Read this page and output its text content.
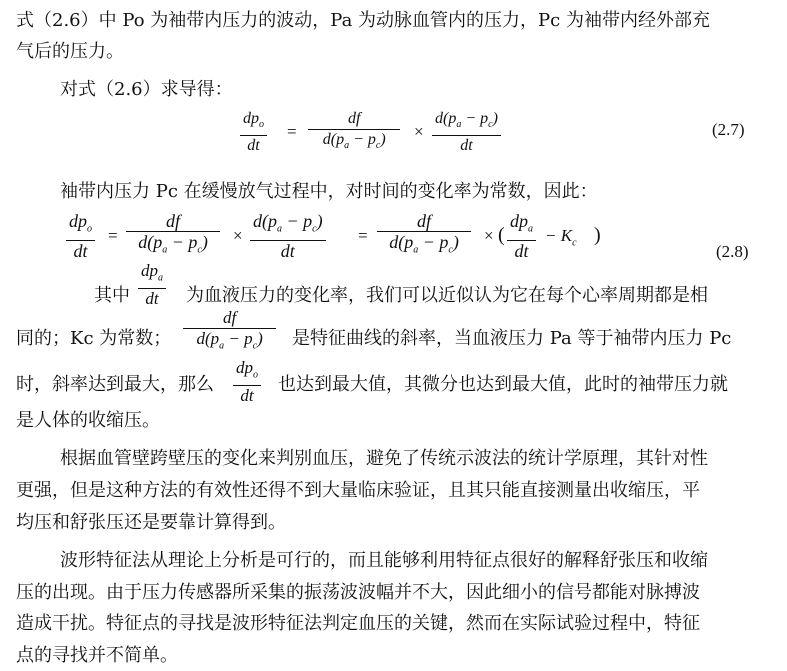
式（2.6）中 Po 为袖带内压力的波动，Pa 为动脉血管内的压力，Pc 为袖带内经外部充
气后的压力。
对式（2.6）求导得：
$dp_o$
dt
= $\frac{df}{d(p_a - p_c)} \times \frac{d(p_a - p_c)}{dt}$	(2.7)
袖带内压力 Pc 在缓慢放气过程中，对时间的变化率为常数，因此：
$dp_o$
dt
= $\frac{df}{d(p_a - p_c)} \times \frac{d(p_a - p_c)}{dt} = \frac{df}{d(p_a - p_c)}$ × (
$dp_a$
dt
− $K_c$ )
(2.8)
其中
$dp_a$
dt 为血液压力的变化率，我们可以近似认为它在每个心率周期都是相
同的；Kc 为常数； $\frac{df}{d(p_a - p_c)}$ 是特征曲线的斜率，当血液压力 Pa 等于袖带内压力 Pc
时，斜率达到最大，那么
$dp_o$
dt
也达到最大值，其微分也达到最大值，此时的袖带压力就
是人体的收缩压。
根据血管壁跨壁压的变化来判别血压，避免了传统示波法的统计学原理，其针对性
更强，但是这种方法的有效性还得不到大量临床验证，且其只能直接测量出收缩压，平
均压和舒张压还是要靠计算得到。
波形特征法从理论上分析是可行的，而且能够利用特征点很好的解释舒张压和收缩
压的出现。由于压力传感器所采集的振荡波波幅并不大，因此细小的信号都能对脉搏波
造成干扰。特征点的寻找是波形特征法判定血压的关键，然而在实际试验过程中，特征
点的寻找并不简单。
